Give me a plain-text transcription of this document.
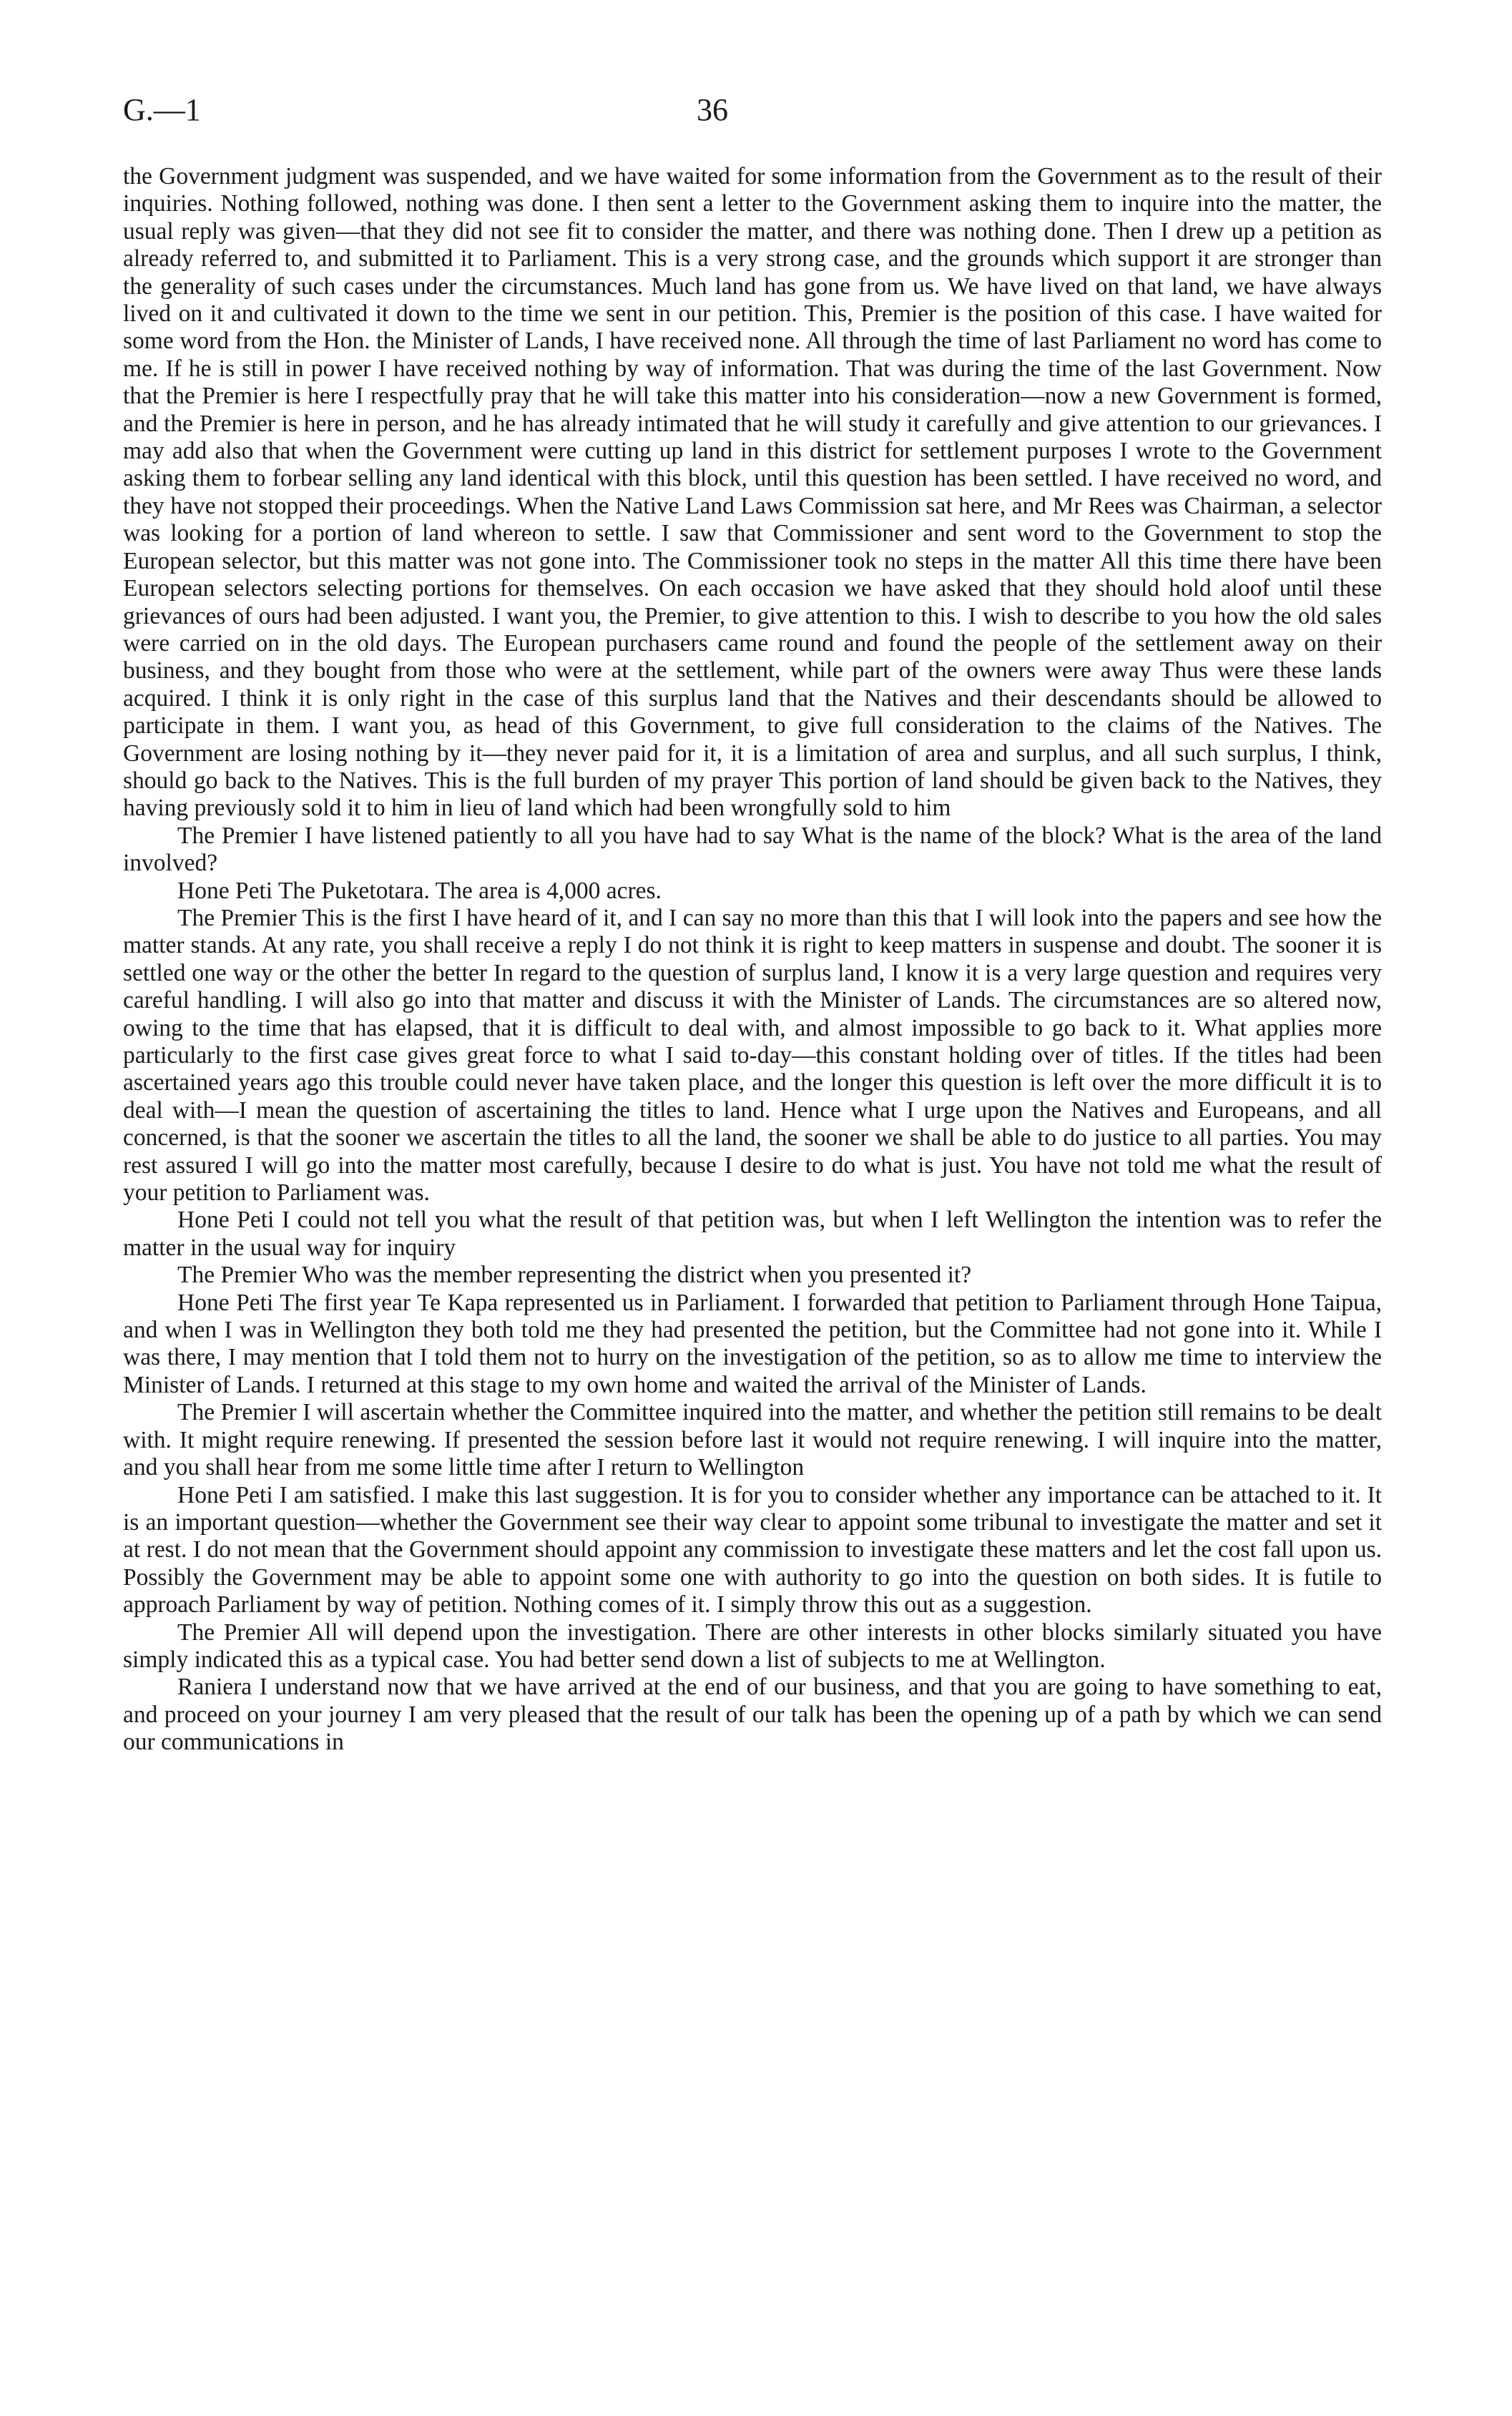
G.—1	36

the Government judgment was suspended, and we have waited for some information from the Government as to the result of their inquiries. Nothing followed, nothing was done. I then sent a letter to the Government asking them to inquire into the matter, the usual reply was given—that they did not see fit to consider the matter, and there was nothing done. Then I drew up a petition as already referred to, and submitted it to Parliament. This is a very strong case, and the grounds which support it are stronger than the generality of such cases under the circumstances. Much land has gone from us. We have lived on that land, we have always lived on it and cultivated it down to the time we sent in our petition. This, Premier is the position of this case. I have waited for some word from the Hon. the Minister of Lands, I have received none. All through the time of last Parliament no word has come to me. If he is still in power I have received nothing by way of information. That was during the time of the last Government. Now that the Premier is here I respectfully pray that he will take this matter into his consideration—now a new Government is formed, and the Premier is here in person, and he has already intimated that he will study it carefully and give attention to our grievances. I may add also that when the Government were cutting up land in this district for settlement purposes I wrote to the Government asking them to forbear selling any land identical with this block, until this question has been settled. I have received no word, and they have not stopped their proceedings. When the Native Land Laws Commission sat here, and Mr Rees was Chairman, a selector was looking for a portion of land whereon to settle. I saw that Commissioner and sent word to the Government to stop the European selector, but this matter was not gone into. The Commissioner took no steps in the matter All this time there have been European selectors selecting portions for themselves. On each occasion we have asked that they should hold aloof until these grievances of ours had been adjusted. I want you, the Premier, to give attention to this. I wish to describe to you how the old sales were carried on in the old days. The European purchasers came round and found the people of the settlement away on their business, and they bought from those who were at the settlement, while part of the owners were away Thus were these lands acquired. I think it is only right in the case of this surplus land that the Natives and their descendants should be allowed to participate in them. I want you, as head of this Government, to give full consideration to the claims of the Natives. The Government are losing nothing by it—they never paid for it, it is a limitation of area and surplus, and all such surplus, I think, should go back to the Natives. This is the full burden of my prayer This portion of land should be given back to the Natives, they having previously sold it to him in lieu of land which had been wrongfully sold to him

The Premier I have listened patiently to all you have had to say What is the name of the block? What is the area of the land involved?

Hone Peti The Puketotara. The area is 4,000 acres.

The Premier This is the first I have heard of it, and I can say no more than this that I will look into the papers and see how the matter stands. At any rate, you shall receive a reply I do not think it is right to keep matters in suspense and doubt. The sooner it is settled one way or the other the better In regard to the question of surplus land, I know it is a very large question and requires very careful handling. I will also go into that matter and discuss it with the Minister of Lands. The circumstances are so altered now, owing to the time that has elapsed, that it is difficult to deal with, and almost impossible to go back to it. What applies more particularly to the first case gives great force to what I said to-day—this constant holding over of titles. If the titles had been ascertained years ago this trouble could never have taken place, and the longer this question is left over the more difficult it is to deal with—I mean the question of ascertaining the titles to land. Hence what I urge upon the Natives and Europeans, and all concerned, is that the sooner we ascertain the titles to all the land, the sooner we shall be able to do justice to all parties. You may rest assured I will go into the matter most carefully, because I desire to do what is just. You have not told me what the result of your petition to Parliament was.

Hone Peti I could not tell you what the result of that petition was, but when I left Wellington the intention was to refer the matter in the usual way for inquiry

The Premier Who was the member representing the district when you presented it?

Hone Peti The first year Te Kapa represented us in Parliament. I forwarded that petition to Parliament through Hone Taipua, and when I was in Wellington they both told me they had presented the petition, but the Committee had not gone into it. While I was there, I may mention that I told them not to hurry on the investigation of the petition, so as to allow me time to interview the Minister of Lands. I returned at this stage to my own home and waited the arrival of the Minister of Lands.

The Premier I will ascertain whether the Committee inquired into the matter, and whether the petition still remains to be dealt with. It might require renewing. If presented the session before last it would not require renewing. I will inquire into the matter, and you shall hear from me some little time after I return to Wellington

Hone Peti I am satisfied. I make this last suggestion. It is for you to consider whether any importance can be attached to it. It is an important question—whether the Government see their way clear to appoint some tribunal to investigate the matter and set it at rest. I do not mean that the Government should appoint any commission to investigate these matters and let the cost fall upon us. Possibly the Government may be able to appoint some one with authority to go into the question on both sides. It is futile to approach Parliament by way of petition. Nothing comes of it. I simply throw this out as a suggestion.

The Premier All will depend upon the investigation. There are other interests in other blocks similarly situated you have simply indicated this as a typical case. You had better send down a list of subjects to me at Wellington.

Raniera I understand now that we have arrived at the end of our business, and that you are going to have something to eat, and proceed on your journey I am very pleased that the result of our talk has been the opening up of a path by which we can send our communications in
